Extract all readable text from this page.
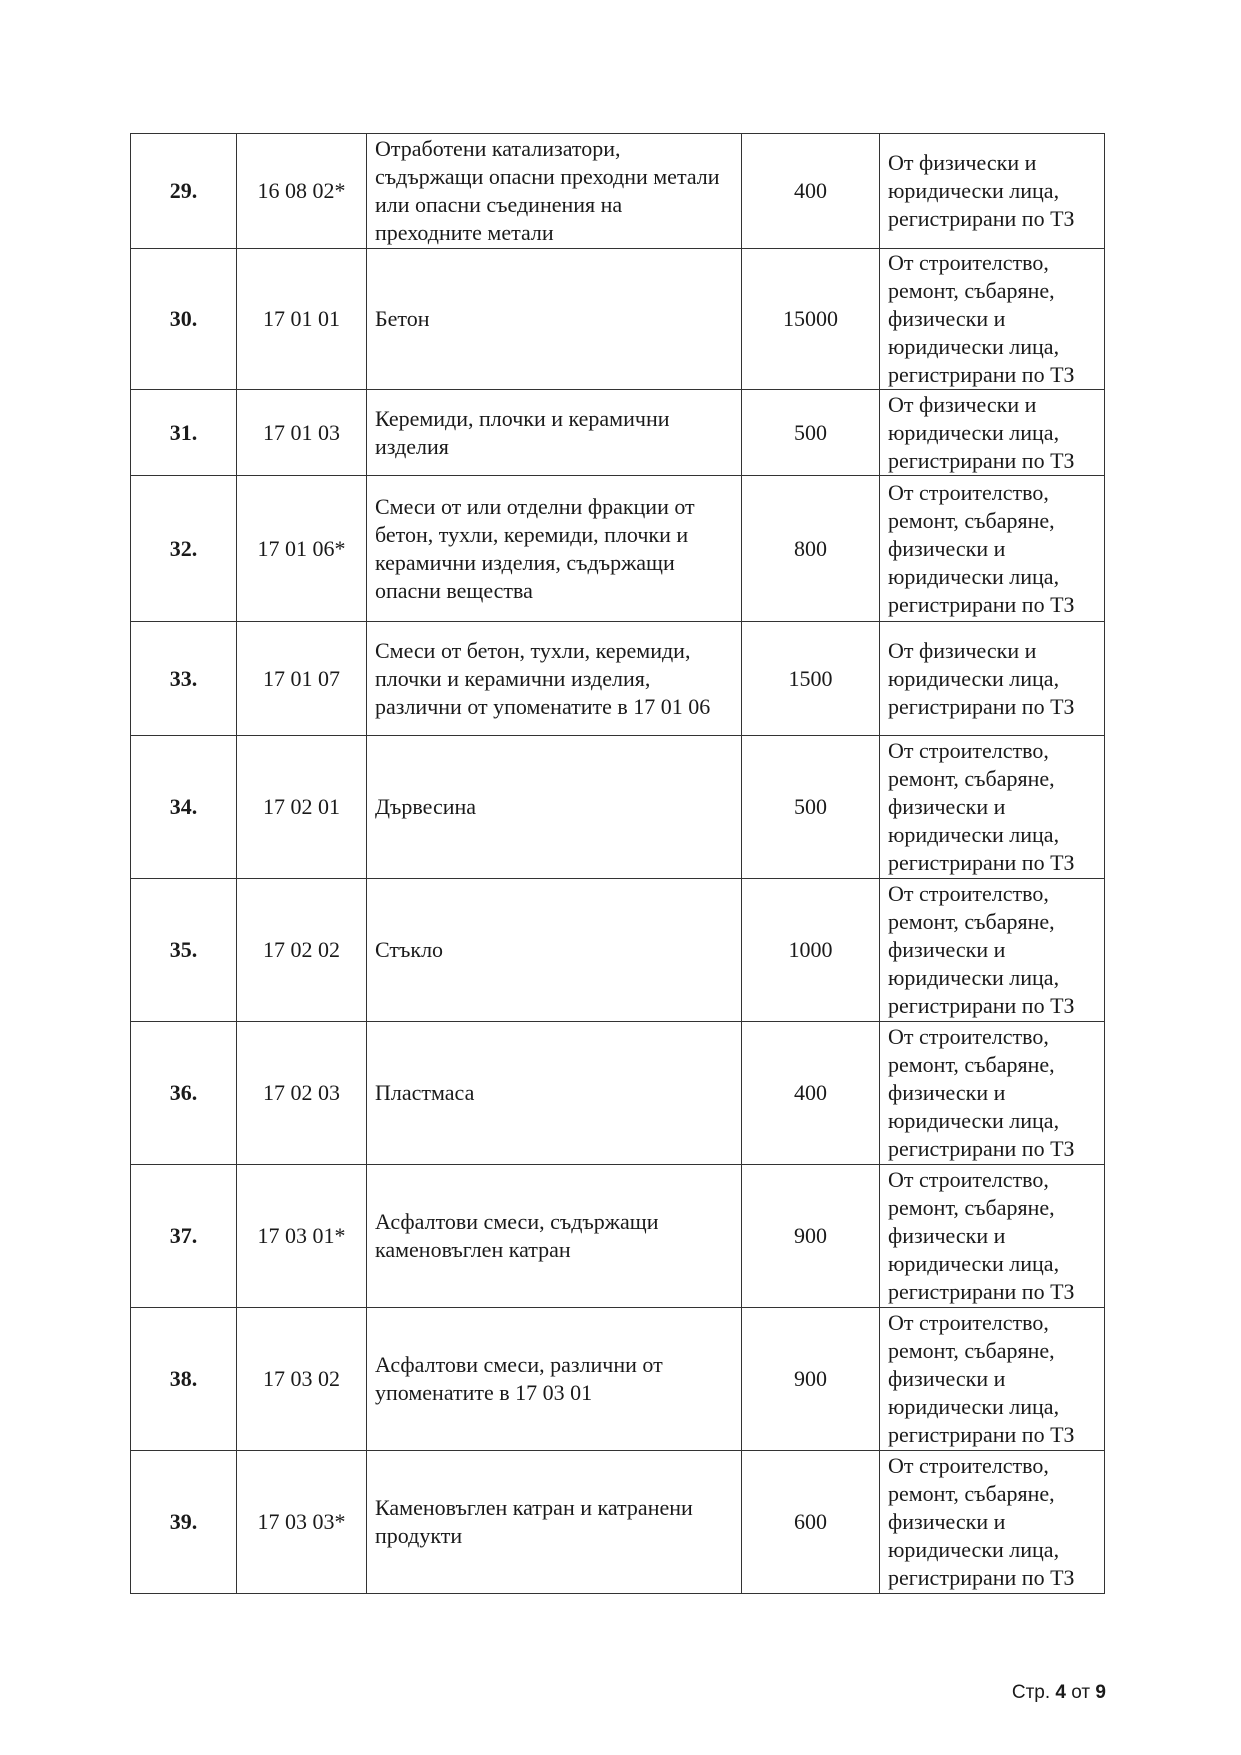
29.	16 08 02*	Отработени катализатори, съдържащи опасни преходни метали или опасни съединения на преходните метали	400	От физически и юридически лица, регистрирани по ТЗ
30.	17 01 01	Бетон	15000	От строителство, ремонт, събаряне, физически и юридически лица, регистрирани по ТЗ
31.	17 01 03	Керемиди, плочки и керамични изделия	500	От физически и юридически лица, регистрирани по ТЗ
32.	17 01 06*	Смеси от или отделни фракции от бетон, тухли, керемиди, плочки и керамични изделия, съдържащи опасни вещества	800	От строителство, ремонт, събаряне, физически и юридически лица, регистрирани по ТЗ
33.	17 01 07	Смеси от бетон, тухли, керемиди, плочки и керамични изделия, различни от упоменатите в 17 01 06	1500	От физически и юридически лица, регистрирани по ТЗ
34.	17 02 01	Дървесина	500	От строителство, ремонт, събаряне, физически и юридически лица, регистрирани по ТЗ
35.	17 02 02	Стъкло	1000	От строителство, ремонт, събаряне, физически и юридически лица, регистрирани по ТЗ
36.	17 02 03	Пластмаса	400	От строителство, ремонт, събаряне, физически и юридически лица, регистрирани по ТЗ
37.	17 03 01*	Асфалтови смеси, съдържащи каменовъглен катран	900	От строителство, ремонт, събаряне, физически и юридически лица, регистрирани по ТЗ
38.	17 03 02	Асфалтови смеси, различни от упоменатите в 17 03 01	900	От строителство, ремонт, събаряне, физически и юридически лица, регистрирани по ТЗ
39.	17 03 03*	Каменовъглен катран и катранени продукти	600	От строителство, ремонт, събаряне, физически и юридически лица, регистрирани по ТЗ
Стр. 4 от 9
